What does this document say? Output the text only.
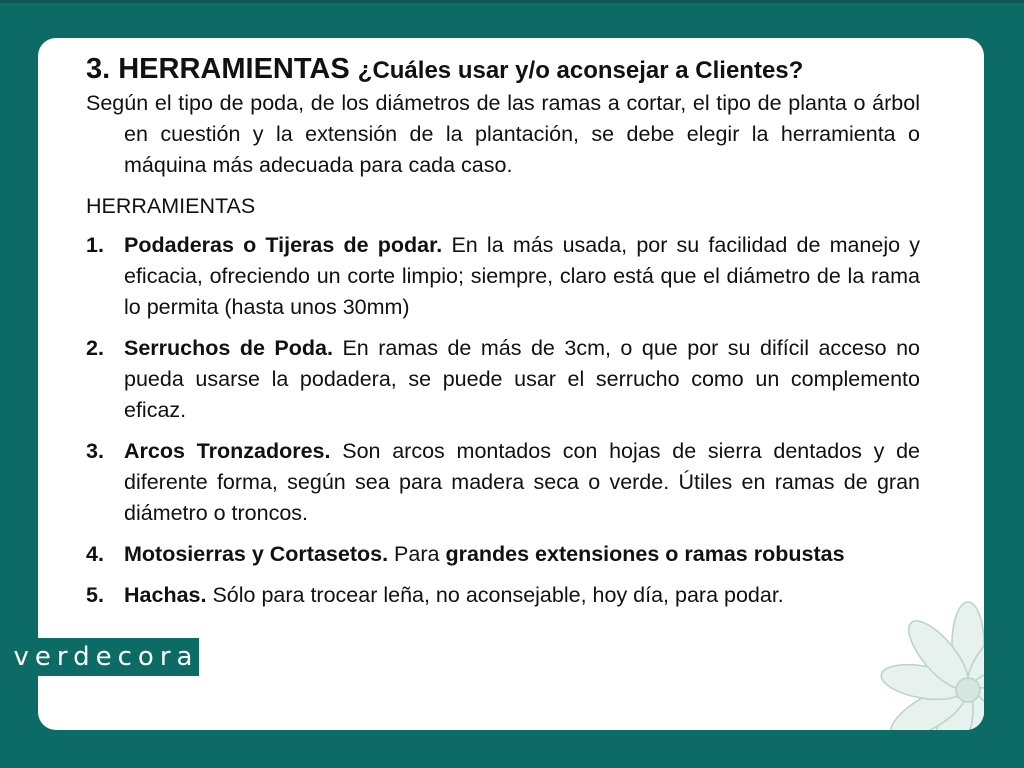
3. HERRAMIENTAS ¿Cuáles usar y/o aconsejar a Clientes?

Según el tipo de poda, de los diámetros de las ramas a cortar, el tipo de planta o árbol en cuestión y la extensión de la plantación, se debe elegir la herramienta o máquina más adecuada para cada caso.

HERRAMIENTAS

1. Podaderas o Tijeras de podar. En la más usada, por su facilidad de manejo y eficacia, ofreciendo un corte limpio; siempre, claro está que el diámetro de la rama lo permita (hasta unos 30mm)
2. Serruchos de Poda. En ramas de más de 3cm, o que por su difícil acceso no pueda usarse la podadera, se puede usar el serrucho como un complemento eficaz.
3. Arcos Tronzadores. Son arcos montados con hojas de sierra dentados y de diferente forma, según sea para madera seca o verde. Útiles en ramas de gran diámetro o troncos.
4. Motosierras y Cortasetos. Para grandes extensiones o ramas robustas
5. Hachas. Sólo para trocear leña, no aconsejable, hoy día, para podar.
verdecora
